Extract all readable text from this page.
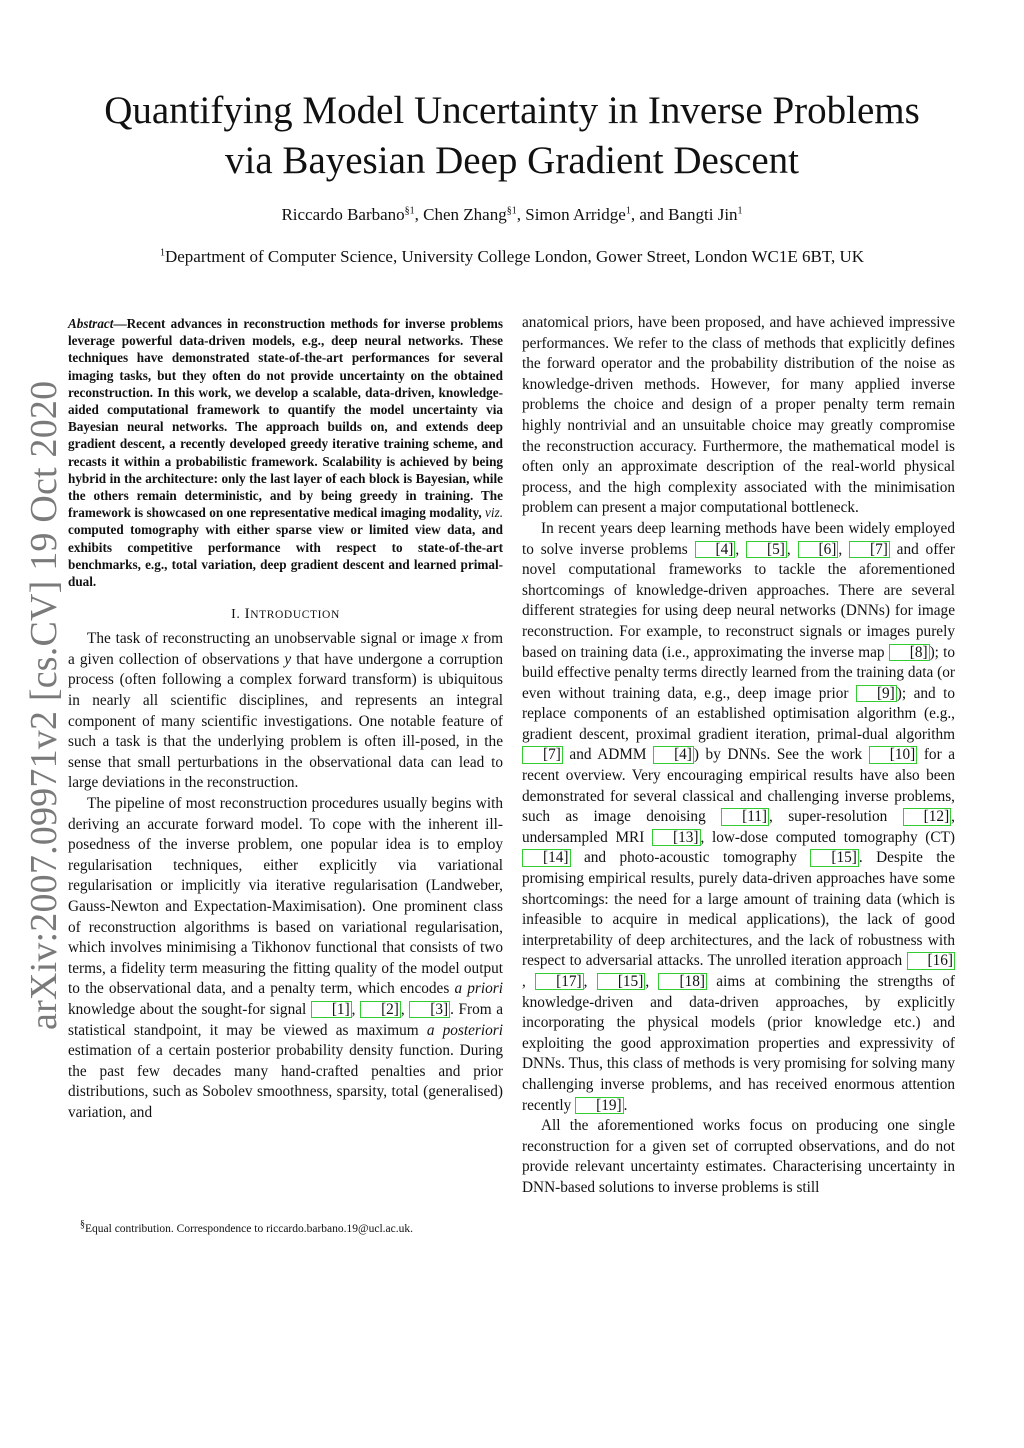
arXiv:2007.09971v2 [cs.CV] 19 Oct 2020
Quantifying Model Uncertainty in Inverse Problems
via Bayesian Deep Gradient Descent
Riccardo Barbano$^{\S 1}$, Chen Zhang$^{\S 1}$, Simon Arridge$^1$, and Bangti Jin$^1$
$^1$Department of Computer Science, University College London, Gower Street, London WC1E 6BT, UK

Abstract—Recent advances in reconstruction methods for inverse problems leverage powerful data-driven models, e.g., deep neural networks. These techniques have demonstrated state-of-the-art performances for several imaging tasks, but they often do not provide uncertainty on the obtained reconstruction. In this work, we develop a scalable, data-driven, knowledge-aided computational framework to quantify the model uncertainty via Bayesian neural networks. The approach builds on, and extends deep gradient descent, a recently developed greedy iterative training scheme, and recasts it within a probabilistic framework. Scalability is achieved by being hybrid in the architecture: only the last layer of each block is Bayesian, while the others remain deterministic, and by being greedy in training. The framework is showcased on one representative medical imaging modality, viz. computed tomography with either sparse view or limited view data, and exhibits competitive performance with respect to state-of-the-art benchmarks, e.g., total variation, deep gradient descent and learned primal-dual.

I. INTRODUCTION

The task of reconstructing an unobservable signal or image x from a given collection of observations y that have undergone a corruption process (often following a complex forward transform) is ubiquitous in nearly all scientific disciplines, and represents an integral component of many scientific investigations. One notable feature of such a task is that the underlying problem is often ill-posed, in the sense that small perturbations in the observational data can lead to large deviations in the reconstruction.

The pipeline of most reconstruction procedures usually begins with deriving an accurate forward model. To cope with the inherent ill-posedness of the inverse problem, one popular idea is to employ regularisation techniques, either explicitly via variational regularisation or implicitly via iterative regularisation (Landweber, Gauss-Newton and Expectation-Maximisation). One prominent class of reconstruction algorithms is based on variational regularisation, which involves minimising a Tikhonov functional that consists of two terms, a fidelity term measuring the fitting quality of the model output to the observational data, and a penalty term, which encodes a priori knowledge about the sought-for signal [1] , [2] , [3] . From a statistical standpoint, it may be viewed as maximum a posteriori estimation of a certain posterior probability density function. During the past few decades many hand-crafted penalties and prior distributions, such as Sobolev smoothness, sparsity, total (generalised) variation, and

§Equal contribution. Correspondence to riccardo.barbano.19@ucl.ac.uk.

anatomical priors, have been proposed, and have achieved impressive performances. We refer to the class of methods that explicitly defines the forward operator and the probability distribution of the noise as knowledge-driven methods. However, for many applied inverse problems the choice and design of a proper penalty term remain highly nontrivial and an unsuitable choice may greatly compromise the reconstruction accuracy. Furthermore, the mathematical model is often only an approximate description of the real-world physical process, and the high complexity associated with the minimisation problem can present a major computational bottleneck.

In recent years deep learning methods have been widely employed to solve inverse problems [4] , [5] , [6] , [7] and offer novel computational frameworks to tackle the aforementioned shortcomings of knowledge-driven approaches. There are several different strategies for using deep neural networks (DNNs) for image reconstruction. For example, to reconstruct signals or images purely based on training data (i.e., approximating the inverse map [8] ); to build effective penalty terms directly learned from the training data (or even without training data, e.g., deep image prior [9] ); and to replace components of an established optimisation algorithm (e.g., gradient descent, proximal gradient iteration, primal-dual algorithm [7] and ADMM [4] ) by DNNs. See the work [10] for a recent overview. Very encouraging empirical results have also been demonstrated for several classical and challenging inverse problems, such as image denoising [11] , super-resolution [12] , undersampled MRI [13] , low-dose computed tomography (CT) [14] and photo-acoustic tomography [15] . Despite the promising empirical results, purely data-driven approaches have some shortcomings: the need for a large amount of training data (which is infeasible to acquire in medical applications), the lack of good interpretability of deep architectures, and the lack of robustness with respect to adversarial attacks. The unrolled iteration approach [16], [17] , [15] , [18] aims at combining the strengths of knowledge-driven and data-driven approaches, by explicitly incorporating the physical models (prior knowledge etc.) and exploiting the good approximation properties and expressivity of DNNs. Thus, this class of methods is very promising for solving many challenging inverse problems, and has received enormous attention recently [19] .

All the aforementioned works focus on producing one single reconstruction for a given set of corrupted observations, and do not provide relevant uncertainty estimates. Characterising uncertainty in DNN-based solutions to inverse problems is still
